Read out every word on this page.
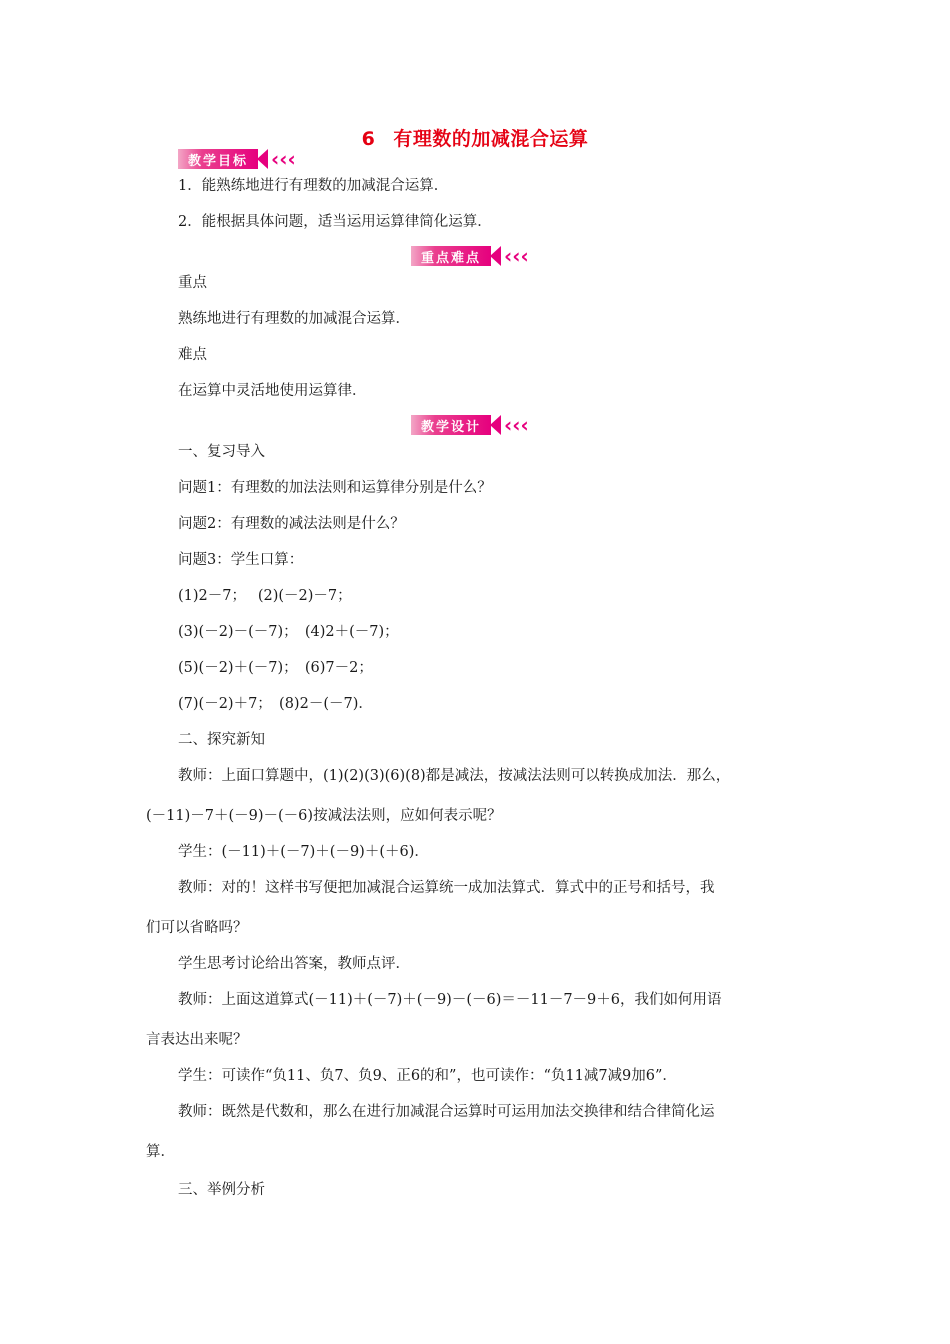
6 有理数的加减混合运算
教学目标	‹‹‹
重点难点	‹‹‹
教学设计	‹‹‹
1．能熟练地进行有理数的加减混合运算．
2．能根据具体问题，适当运用运算律简化运算．
重点
熟练地进行有理数的加减混合运算．
难点
在运算中灵活地使用运算律．
一、复习导入
问题1：有理数的加法法则和运算律分别是什么？
问题2：有理数的减法法则是什么？
问题3：学生口算：
(1)2－7；　 (2)(－2)－7；
(3)(－2)－(－7)；　(4)2＋(－7)；
(5)(－2)＋(－7)；　(6)7－2；
(7)(－2)＋7；　(8)2－(－7)．
二、探究新知
教师：上面口算题中，(1)(2)(3)(6)(8)都是减法，按减法法则可以转换成加法．那么，
(－11)－7＋(－9)－(－6)按减法法则，应如何表示呢？
学生：(－11)＋(－7)＋(－9)＋(＋6)．
教师：对的！这样书写便把加减混合运算统一成加法算式．算式中的正号和括号，我
们可以省略吗？
学生思考讨论给出答案，教师点评．
教师：上面这道算式(－11)＋(－7)＋(－9)－(－6)＝－11－7－9＋6，我们如何用语
言表达出来呢？
学生：可读作“负11、负7、负9、正6的和”，也可读作：“负11减7减9加6”．
教师：既然是代数和，那么在进行加减混合运算时可运用加法交换律和结合律简化运
算．
三、举例分析
